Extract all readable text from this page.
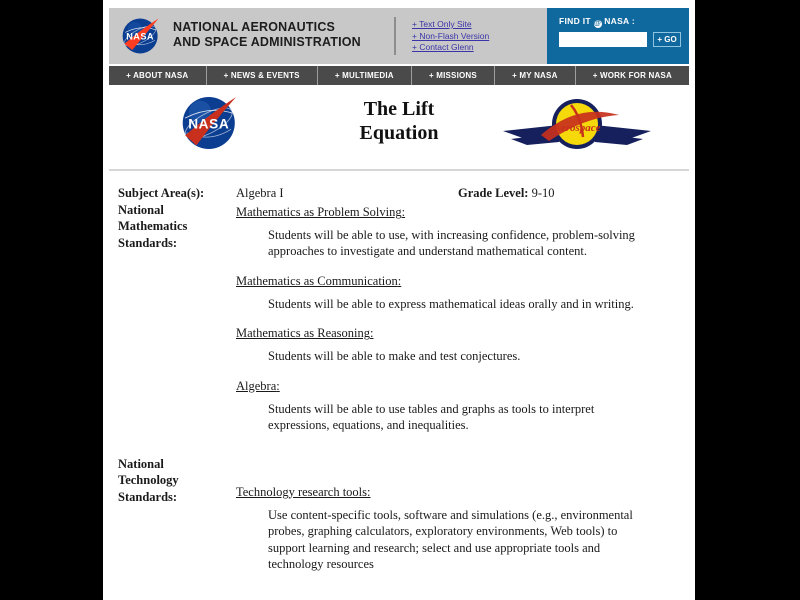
NASA
NATIONAL AERONAUTICS
AND SPACE ADMINISTRATION
+ Text Only Site
+ Non-Flash Version
+ Contact Glenn
FIND IT @ NASA :
+ GO
+ ABOUT NASA	+ NEWS & EVENTS	+ MULTIMEDIA	+ MISSIONS	+ MY NASA	+ WORK FOR NASA
NASA
The Lift
Equation	Aerospace
Subject Area(s):	Algebra I	Grade Level: 9-10
National
Mathematics
Standards:
Mathematics as Problem Solving:
Students will be able to use, with increasing confidence, problem-solving approaches to investigate and understand mathematical content.
Mathematics as Communication:
Students will be able to express mathematical ideas orally and in writing.
Mathematics as Reasoning:
Students will be able to make and test conjectures.
Algebra:
Students will be able to use tables and graphs as tools to interpret expressions, equations, and inequalities.
National
Technology
Standards:	Technology research tools:
Use content-specific tools, software and simulations (e.g., environmental probes, graphing calculators, exploratory environments, Web tools) to support learning and research; select and use appropriate tools and technology resources
